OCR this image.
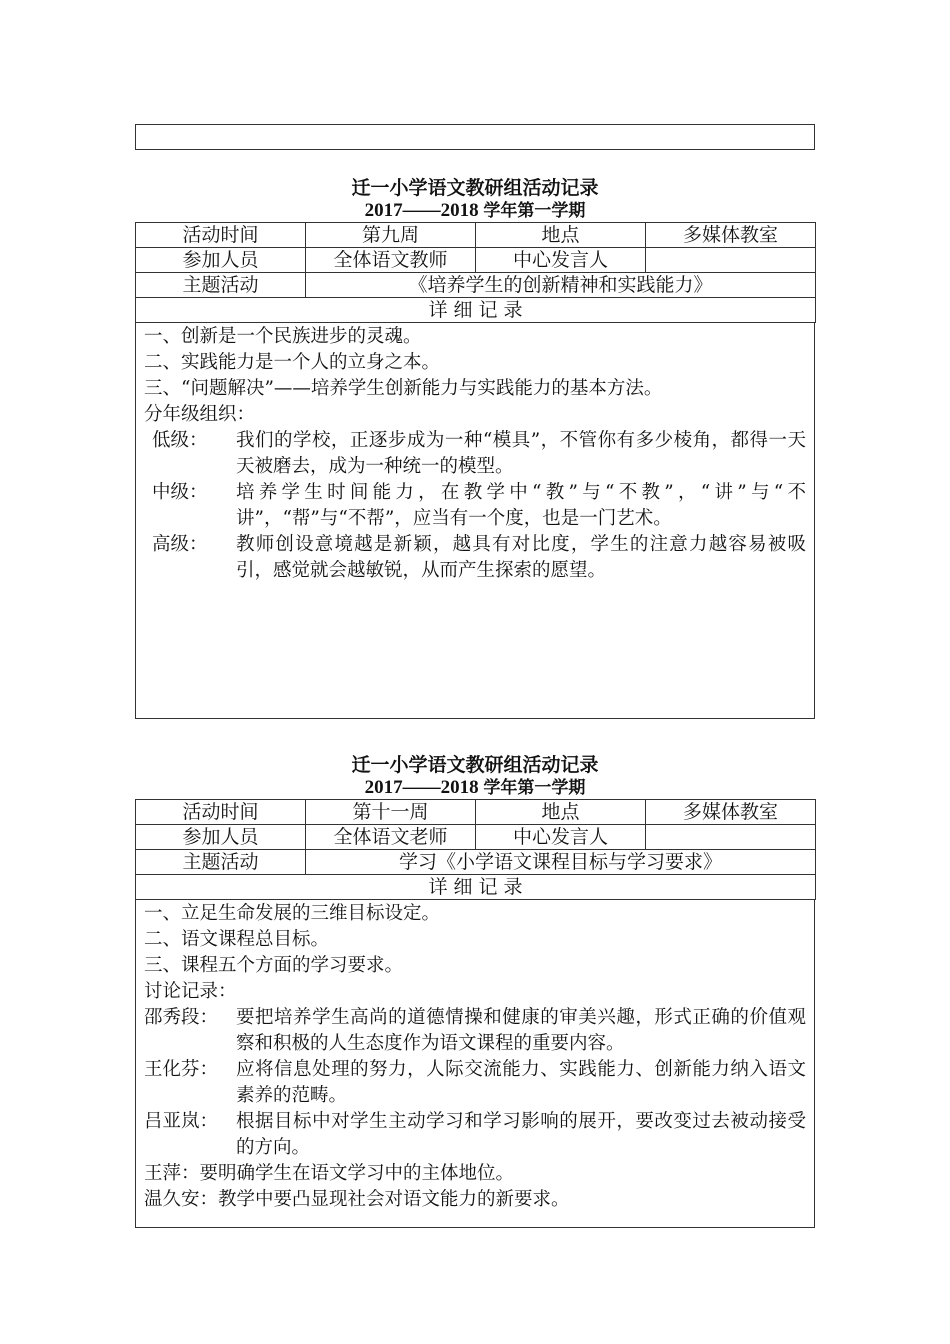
迁一小学语文教研组活动记录
2017——2018 学年第一学期
活动时间	第九周	地点	多媒体教室
参加人员	全体语文教师	中心发言人	
主题活动	《培养学生的创新精神和实践能力》		
详 细 记 录			
一、创新是一个民族进步的灵魂。
二、实践能力是一个人的立身之本。
三、“问题解决”——培养学生创新能力与实践能力的基本方法。
分年级组织：
低级：	我们的学校，正逐步成为一种“模具”，不管你有多少棱角，都得一天天被磨去，成为一种统一的模型。
中级：	培养学生时间能力，在教学中“教”与“不教”，“讲”与“不讲”，“帮”与“不帮”，应当有一个度，也是一门艺术。
高级：	教师创设意境越是新颖，越具有对比度，学生的注意力越容易被吸引，感觉就会越敏锐，从而产生探索的愿望。
迁一小学语文教研组活动记录
2017——2018 学年第一学期
活动时间	第十一周	地点	多媒体教室
参加人员	全体语文老师	中心发言人	
主题活动	学习《小学语文课程目标与学习要求》		
详 细 记 录			
一、立足生命发展的三维目标设定。
二、语文课程总目标。
三、课程五个方面的学习要求。
讨论记录：
邵秀段： 要把培养学生高尚的道德情操和健康的审美兴趣，形式正确的价值观察和积极的人生态度作为语文课程的重要内容。
王化芬： 应将信息处理的努力，人际交流能力、实践能力、创新能力纳入语文素养的范畴。
吕亚岚： 根据目标中对学生主动学习和学习影响的展开，要改变过去被动接受的方向。
王萍：要明确学生在语文学习中的主体地位。
温久安：教学中要凸显现社会对语文能力的新要求。
